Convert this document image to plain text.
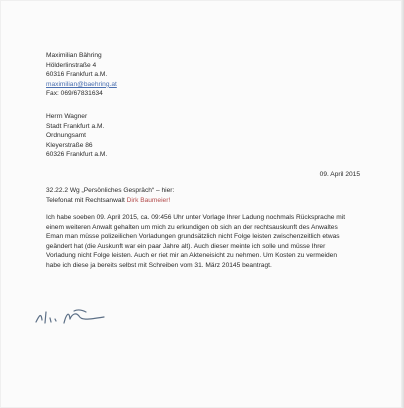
Maximilian Bähring
Hölderlinstraße 4
60316 Frankfurt a.M.
maximilian@baehring.at
Fax: 069/67831634
Herrn Wagner
Stadt Frankfurt a.M.
Ordnungsamt
Kleyerstraße 86
60326 Frankfurt a.M.
09. April 2015
32.22.2 Wg „Persönliches Gespräch“ – hier:
Telefonat mit Rechtsanwalt Dirk Baumeier!
Ich habe soeben 09. April 2015, ca. 09:456 Uhr unter Vorlage Ihrer Ladung nochmals Rücksprache mit
einem weiteren Anwalt gehalten um mich zu erkundigen ob sich an der rechtsauskunft des Anwaltes
Eman man müsse polizeilichen Vorladungen grundsätzlich nicht Folge leisten zwischenzeitlich etwas
geändert hat (die Auskunft war ein paar Jahre alt). Auch dieser meinte ich solle und müsse Ihrer
Vorladung nicht Folge leisten. Auch er riet mir an Akteneisicht zu nehmen. Um Kosten zu vermeiden
habe ich diese ja bereits selbst mit Schreiben vom 31. März 20145 beantragt.
